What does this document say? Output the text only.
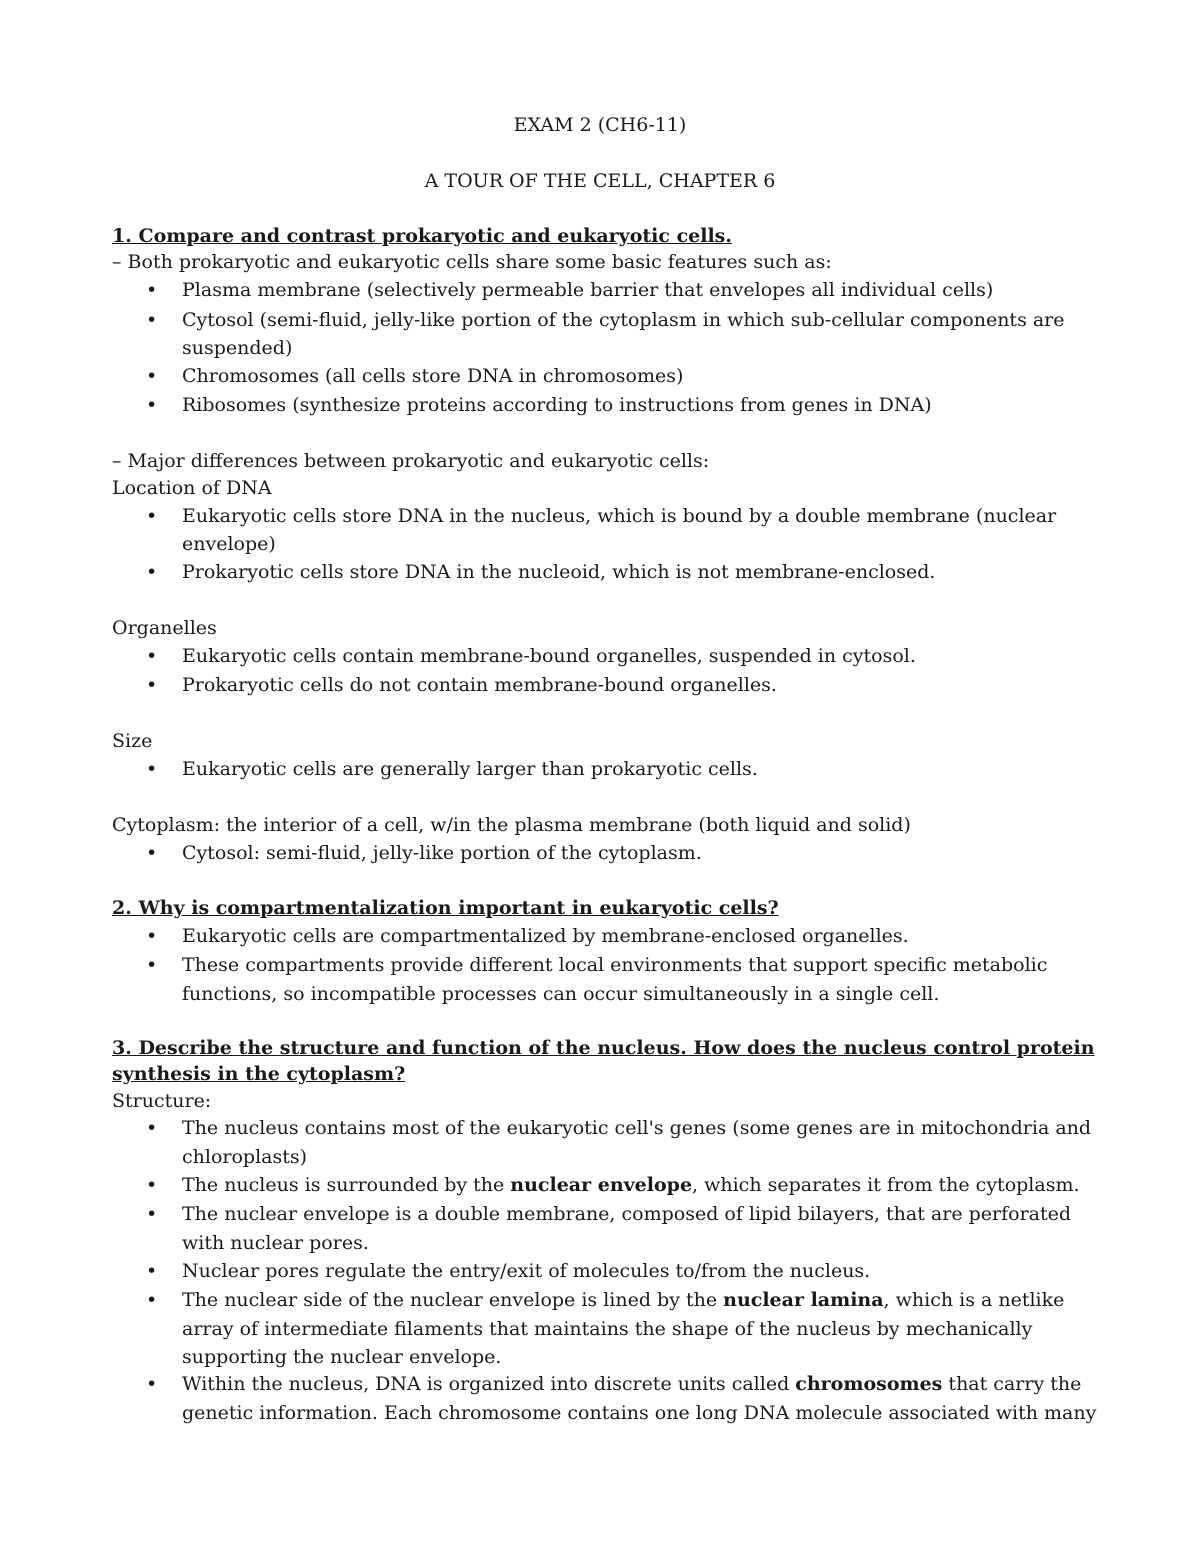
EXAM 2 (CH6-11)
A TOUR OF THE CELL, CHAPTER 6
1. Compare and contrast prokaryotic and eukaryotic cells.
– Both prokaryotic and eukaryotic cells share some basic features such as:
• Plasma membrane (selectively permeable barrier that envelopes all individual cells)
• Cytosol (semi-fluid, jelly-like portion of the cytoplasm in which sub-cellular components are
suspended)
• Chromosomes (all cells store DNA in chromosomes)
• Ribosomes (synthesize proteins according to instructions from genes in DNA)
– Major differences between prokaryotic and eukaryotic cells:
Location of DNA
• Eukaryotic cells store DNA in the nucleus, which is bound by a double membrane (nuclear
envelope)
• Prokaryotic cells store DNA in the nucleoid, which is not membrane-enclosed.
Organelles
• Eukaryotic cells contain membrane-bound organelles, suspended in cytosol.
• Prokaryotic cells do not contain membrane-bound organelles.
Size
• Eukaryotic cells are generally larger than prokaryotic cells.
Cytoplasm: the interior of a cell, w/in the plasma membrane (both liquid and solid)
• Cytosol: semi-fluid, jelly-like portion of the cytoplasm.
2. Why is compartmentalization important in eukaryotic cells?
• Eukaryotic cells are compartmentalized by membrane-enclosed organelles.
• These compartments provide different local environments that support specific metabolic
functions, so incompatible processes can occur simultaneously in a single cell.
3. Describe the structure and function of the nucleus. How does the nucleus control protein
synthesis in the cytoplasm?
Structure:
• The nucleus contains most of the eukaryotic cell's genes (some genes are in mitochondria and
chloroplasts)
• The nucleus is surrounded by the nuclear envelope, which separates it from the cytoplasm.
• The nuclear envelope is a double membrane, composed of lipid bilayers, that are perforated
with nuclear pores.
• Nuclear pores regulate the entry/exit of molecules to/from the nucleus.
• The nuclear side of the nuclear envelope is lined by the nuclear lamina, which is a netlike
array of intermediate filaments that maintains the shape of the nucleus by mechanically
supporting the nuclear envelope.
• Within the nucleus, DNA is organized into discrete units called chromosomes that carry the
genetic information. Each chromosome contains one long DNA molecule associated with many
